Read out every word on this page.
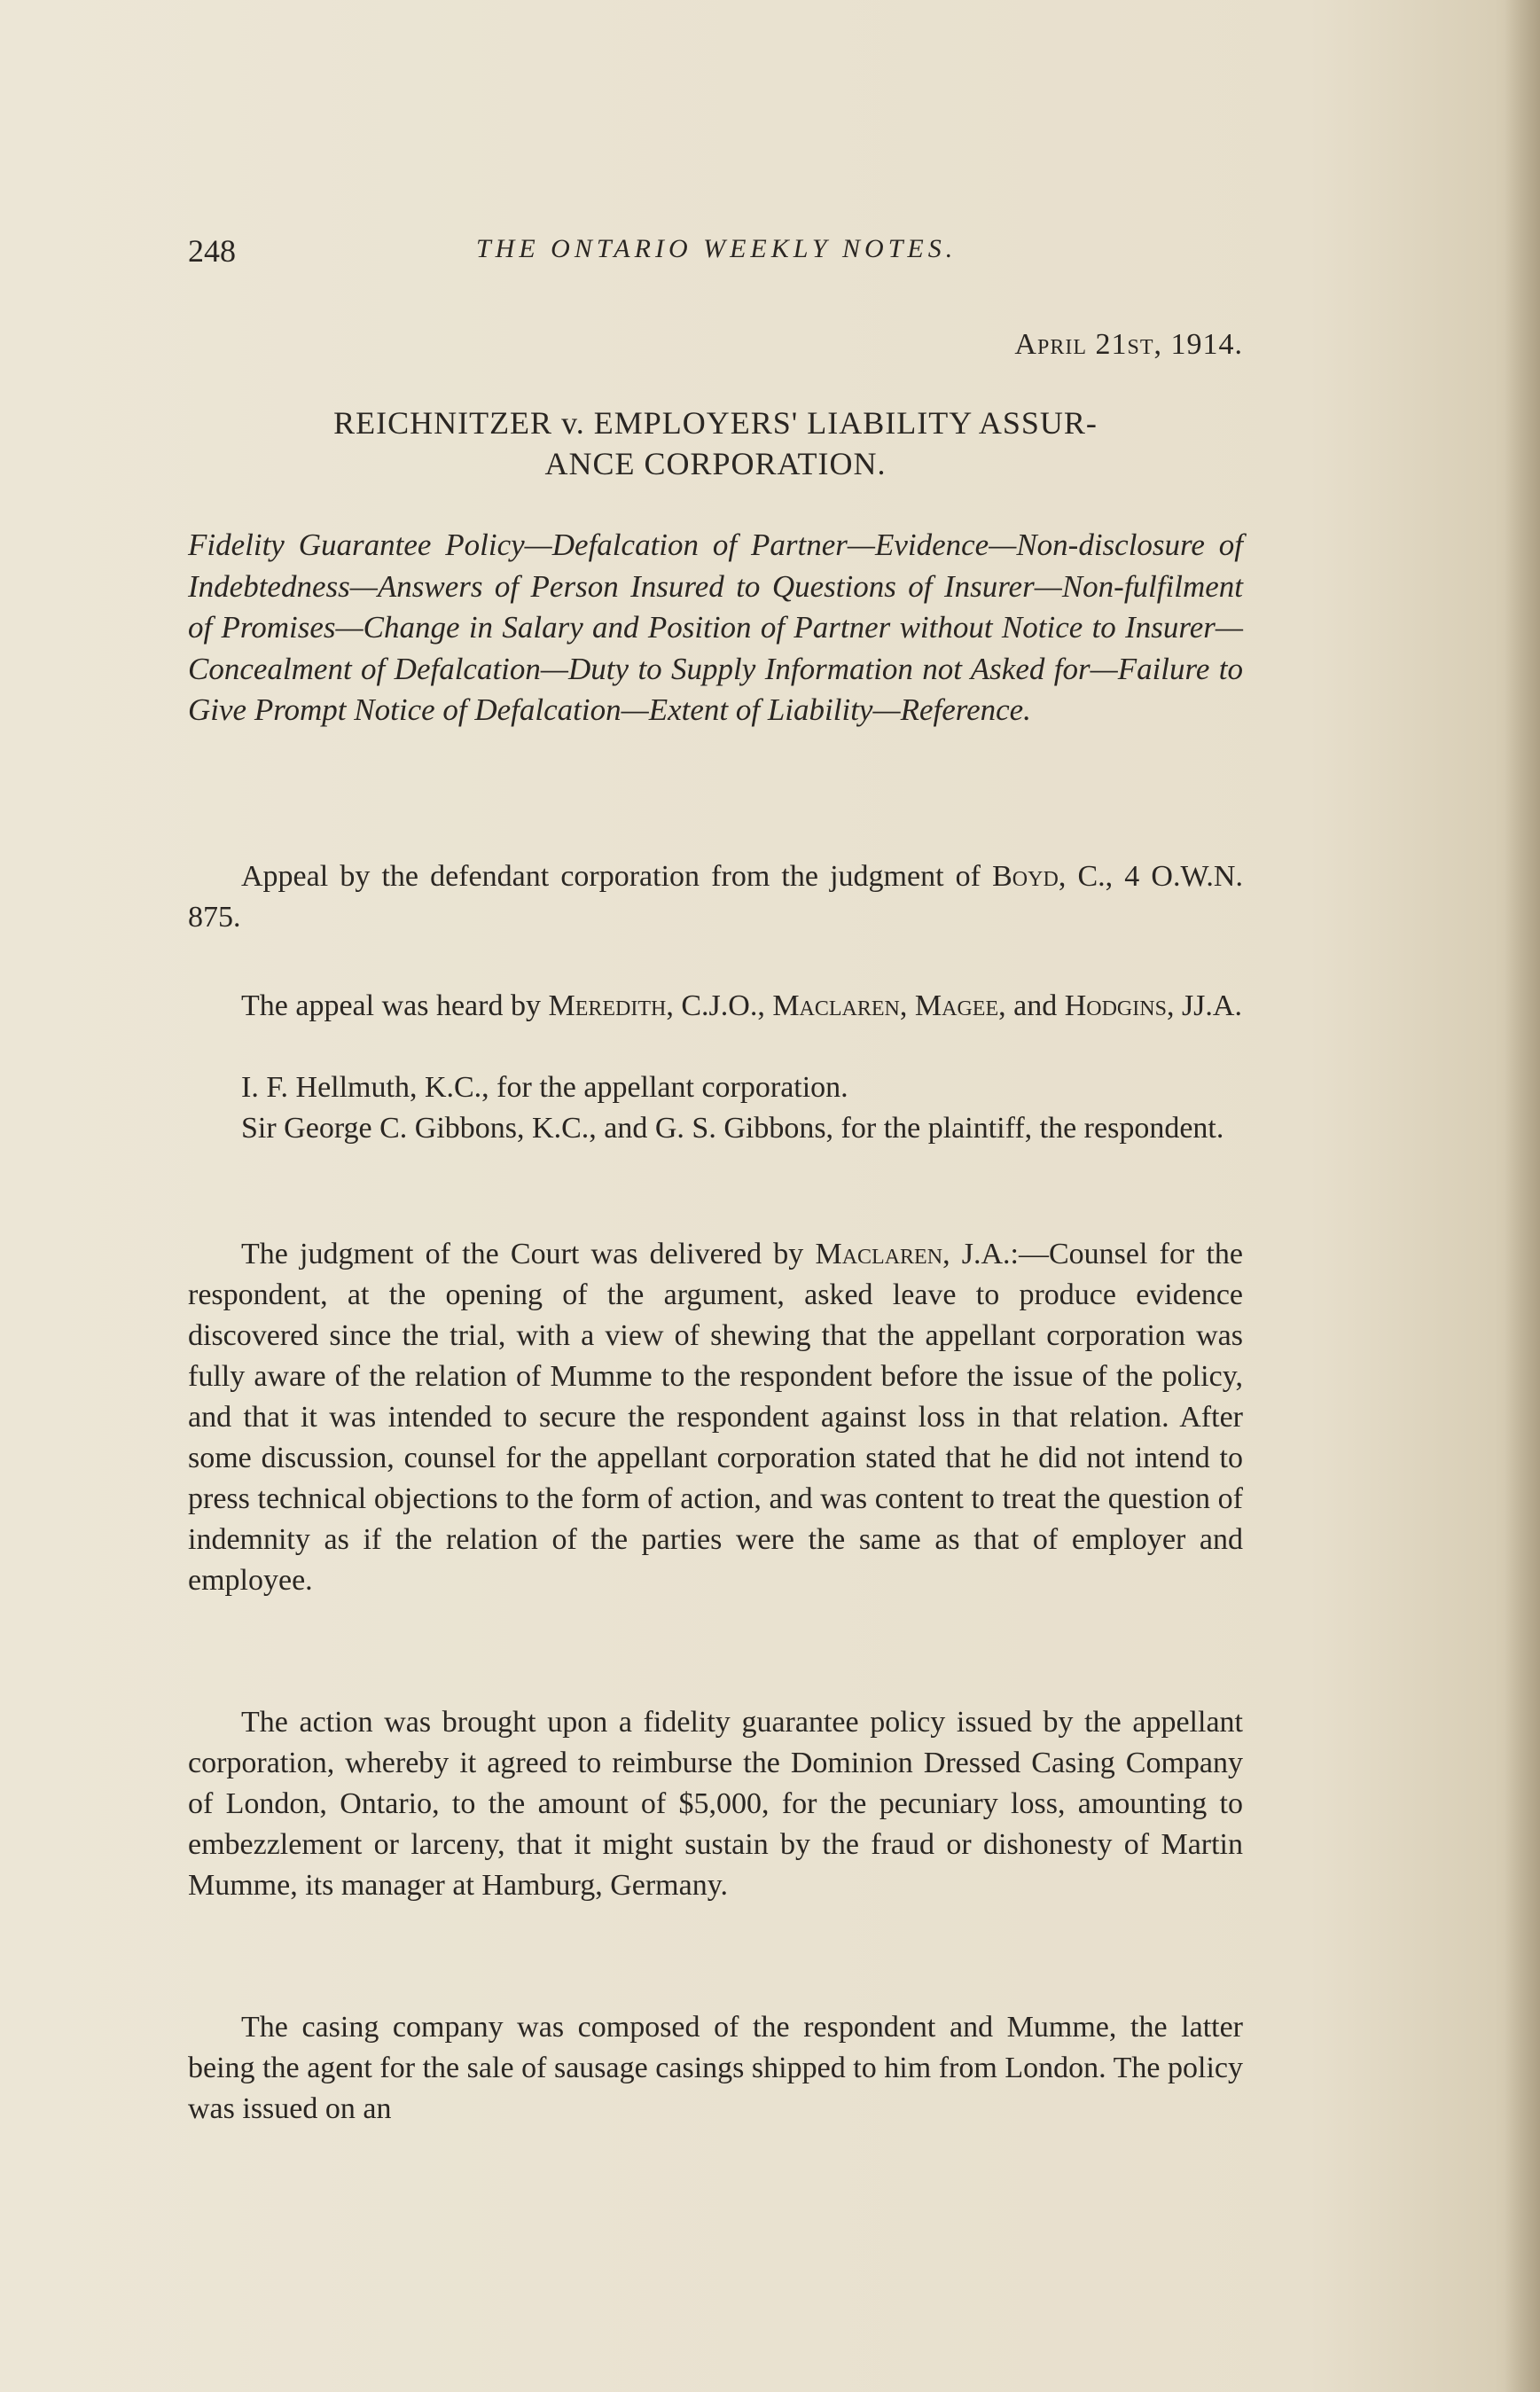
248	THE ONTARIO WEEKLY NOTES.
April 21st, 1914.
REICHNITZER v. EMPLOYERS' LIABILITY ASSUR-
ANCE CORPORATION.

Fidelity Guarantee Policy—Defalcation of Partner—Evidence—Non-disclosure of Indebtedness—Answers of Person Insured to Questions of Insurer—Non-fulfilment of Promises—Change in Salary and Position of Partner without Notice to Insurer—Concealment of Defalcation—Duty to Supply Information not Asked for—Failure to Give Prompt Notice of Defalcation—Extent of Liability—Reference.

Appeal by the defendant corporation from the judgment of Boyd, C., 4 O.W.N. 875.

The appeal was heard by Meredith, C.J.O., Maclaren, Magee, and Hodgins, JJ.A.

I. F. Hellmuth, K.C., for the appellant corporation.

Sir George C. Gibbons, K.C., and G. S. Gibbons, for the plaintiff, the respondent.

The judgment of the Court was delivered by Maclaren, J.A.:—Counsel for the respondent, at the opening of the argument, asked leave to produce evidence discovered since the trial, with a view of shewing that the appellant corporation was fully aware of the relation of Mumme to the respondent before the issue of the policy, and that it was intended to secure the respondent against loss in that relation. After some discussion, counsel for the appellant corporation stated that he did not intend to press technical objections to the form of action, and was content to treat the question of indemnity as if the relation of the parties were the same as that of employer and employee.

The action was brought upon a fidelity guarantee policy issued by the appellant corporation, whereby it agreed to reimburse the Dominion Dressed Casing Company of London, Ontario, to the amount of $5,000, for the pecuniary loss, amounting to embezzlement or larceny, that it might sustain by the fraud or dishonesty of Martin Mumme, its manager at Hamburg, Germany.

The casing company was composed of the respondent and Mumme, the latter being the agent for the sale of sausage casings shipped to him from London. The policy was issued on an
